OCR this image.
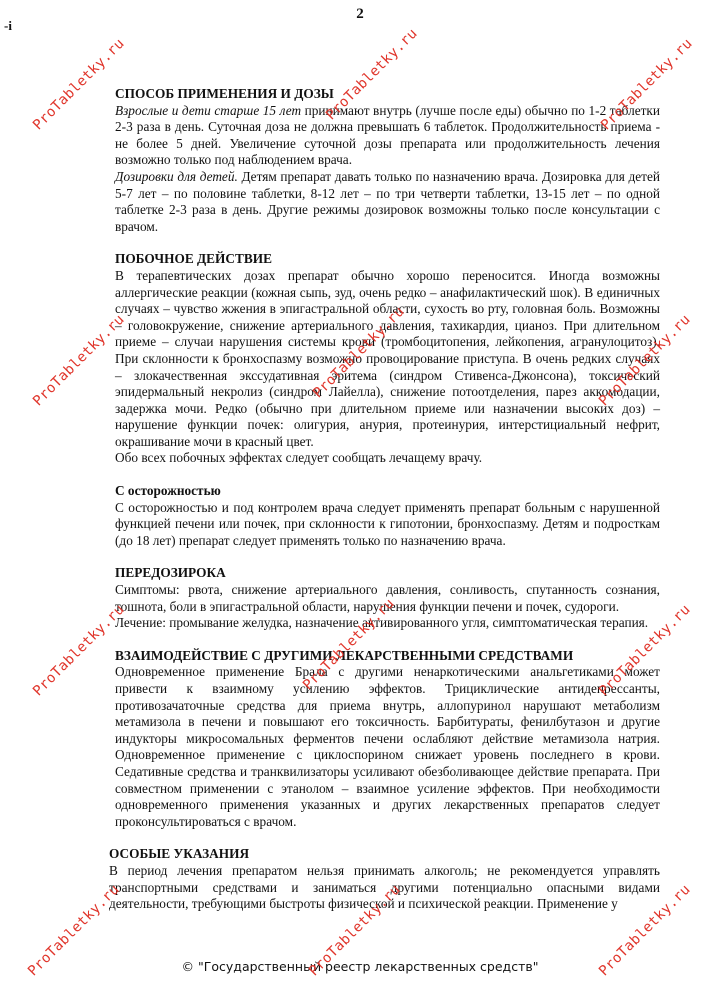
2
-i
СПОСОБ ПРИМЕНЕНИЯ И ДОЗЫ

Взрослые и дети старше 15 лет принимают внутрь (лучше после еды) обычно по 1-2 таблетки 2-3 раза в день. Суточная доза не должна превышать 6 таблеток. Продолжительность приема - не более 5 дней. Увеличение суточной дозы препарата или продолжительность лечения возможно только под наблюдением врача.

Дозировки для детей. Детям препарат давать только по назначению врача. Дозировка для детей 5-7 лет – по половине таблетки, 8-12 лет – по три четверти таблетки, 13-15 лет – по одной таблетке 2-3 раза в день. Другие режимы дозировок возможны только после консультации с врачом.

ПОБОЧНОЕ ДЕЙСТВИЕ

В терапевтических дозах препарат обычно хорошо переносится. Иногда возможны аллергические реакции (кожная сыпь, зуд, очень редко – анафилактический шок). В единичных случаях – чувство жжения в эпигастральной области, сухость во рту, головная боль. Возможны – головокружение, снижение артериального давления, тахикардия, цианоз. При длительном приеме – случаи нарушения системы крови (тромбоцитопения, лейкопения, агранулоцитоз). При склонности к бронхоспазму возможно провоцирование приступа. В очень редких случаях – злокачественная экссудативная эритема (синдром Стивенса-Джонсона), токсический эпидермальный некролиз (синдром Лайелла), снижение потоотделения, парез аккомодации, задержка мочи. Редко (обычно при длительном приеме или назначении высоких доз) – нарушение функции почек: олигурия, анурия, протеинурия, интерстициальный нефрит, окрашивание мочи в красный цвет.

Обо всех побочных эффектах следует сообщать лечащему врачу.

С осторожностью

С осторожностью и под контролем врача следует применять препарат больным с нарушенной функцией печени или почек, при склонности к гипотонии, бронхоспазму. Детям и подросткам (до 18 лет) препарат следует применять только по назначению врача.

ПЕРЕДОЗИРОКА

Симптомы: рвота, снижение артериального давления, сонливость, спутанность сознания, тошнота, боли в эпигастральной области, нарушения функции печени и почек, судороги.

Лечение: промывание желудка, назначение активированного угля, симптоматическая терапия.

ВЗАИМОДЕЙСТВИЕ С ДРУГИМИ ЛЕКАРСТВЕННЫМИ СРЕДСТВАМИ

Одновременное применение Брала с другими ненаркотическими анальгетиками может привести к взаимному усилению эффектов. Трициклические антидепрессанты, противозачаточные средства для приема внутрь, аллопуринол нарушают метаболизм метамизола в печени и повышают его токсичность. Барбитураты, фенилбутазон и другие индукторы микросомальных ферментов печени ослабляют действие метамизола натрия. Одновременное применение с циклоспорином снижает уровень последнего в крови. Седативные средства и транквилизаторы усиливают обезболивающее действие препарата. При совместном применении с этанолом – взаимное усиление эффектов. При необходимости одновременного применения указанных и других лекарственных препаратов следует проконсультироваться с врачом.

ОСОБЫЕ УКАЗАНИЯ

В период лечения препаратом нельзя принимать алкоголь; не рекомендуется управлять транспортными средствами и заниматься другими потенциально опасными видами деятельности, требующими быстроты физической и психической реакции. Применение у

© "Государственный реестр лекарственных средств"
ProTabletky.ru	ProTabletky.ru	ProTabletky.ru
ProTabletky.ru	ProTabletky.ru	ProTabletky.ru
ProTabletky.ru	ProTabletky.ru	ProTabletky.ru
ProTabletky.ru	ProTabletky.ru	ProTabletky.ru
